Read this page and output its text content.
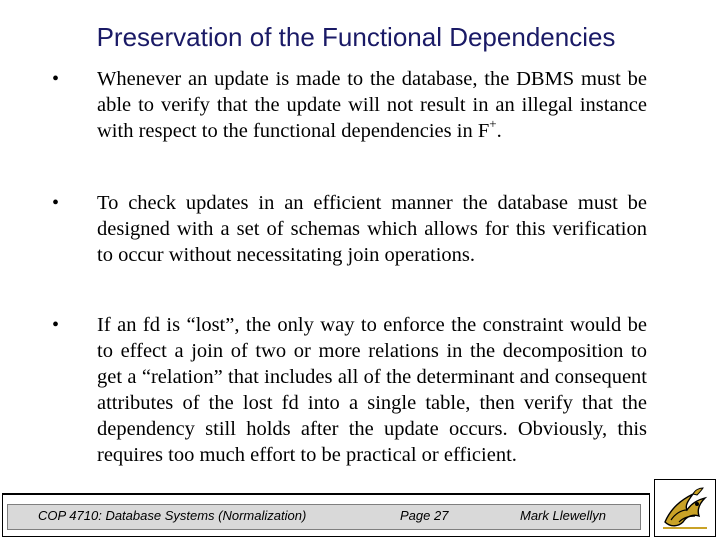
Preservation of the Functional Dependencies
• Whenever an update is made to the database, the DBMS must be able to verify that the update will not result in an illegal instance with respect to the functional dependencies in F+.
• To check updates in an efficient manner the database must be designed with a set of schemas which allows for this verification to occur without necessitating join operations.
• If an fd is “lost”, the only way to enforce the constraint would be to effect a join of two or more relations in the decomposition to get a “relation” that includes all of the determinant and consequent attributes of the lost fd into a single table, then verify that the dependency still holds after the update occurs. Obviously, this requires too much effort to be practical or efficient.
COP 4710: Database Systems (Normalization)	Page 27	Mark Llewellyn
